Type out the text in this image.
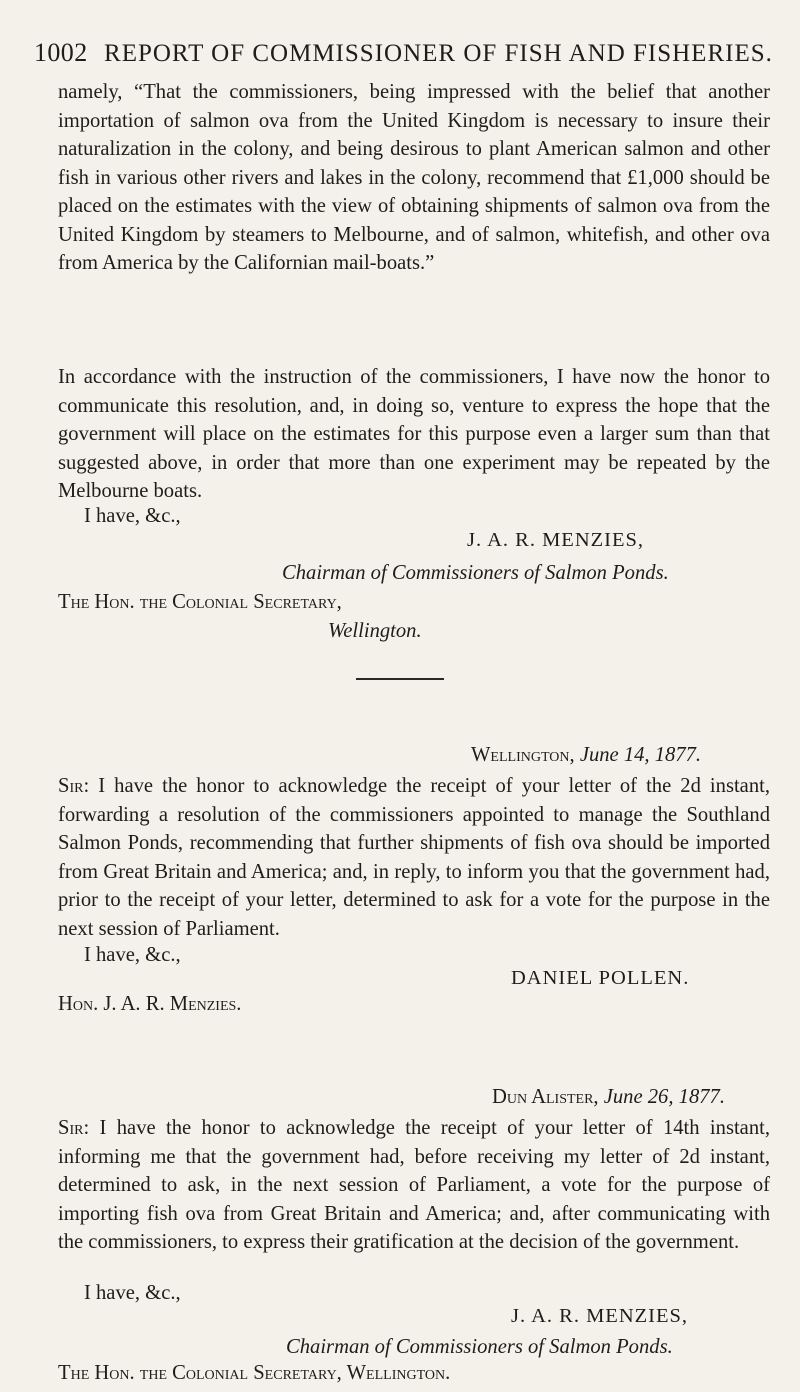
1002 REPORT OF COMMISSIONER OF FISH AND FISHERIES.

namely, “That the commissioners, being impressed with the belief that another importation of salmon ova from the United Kingdom is necessary to insure their naturalization in the colony, and being desirous to plant American salmon and other fish in various other rivers and lakes in the colony, recommend that £1,000 should be placed on the estimates with the view of obtaining shipments of salmon ova from the United Kingdom by steamers to Melbourne, and of salmon, whitefish, and other ova from America by the Californian mail-boats.”

In accordance with the instruction of the commissioners, I have now the honor to communicate this resolution, and, in doing so, venture to express the hope that the government will place on the estimates for this purpose even a larger sum than that suggested above, in order that more than one experiment may be repeated by the Melbourne boats.

I have, &c.,
J. A. R. MENZIES,
Chairman of Commissioners of Salmon Ponds.
The Hon. the Colonial Secretary,
Wellington.
Wellington, June 14, 1877.

Sir: I have the honor to acknowledge the receipt of your letter of the 2d instant, forwarding a resolution of the commissioners appointed to manage the Southland Salmon Ponds, recommending that further shipments of fish ova should be imported from Great Britain and America; and, in reply, to inform you that the government had, prior to the receipt of your letter, determined to ask for a vote for the purpose in the next session of Parliament.

I have, &c.,
DANIEL POLLEN.
Hon. J. A. R. Menzies.
Dun Alister, June 26, 1877.

Sir: I have the honor to acknowledge the receipt of your letter of 14th instant, informing me that the government had, before receiving my letter of 2d instant, determined to ask, in the next session of Parliament, a vote for the purpose of importing fish ova from Great Britain and America; and, after communicating with the commissioners, to express their gratification at the decision of the government.

I have, &c.,
J. A. R. MENZIES,
Chairman of Commissioners of Salmon Ponds.
The Hon. the Colonial Secretary, Wellington.
